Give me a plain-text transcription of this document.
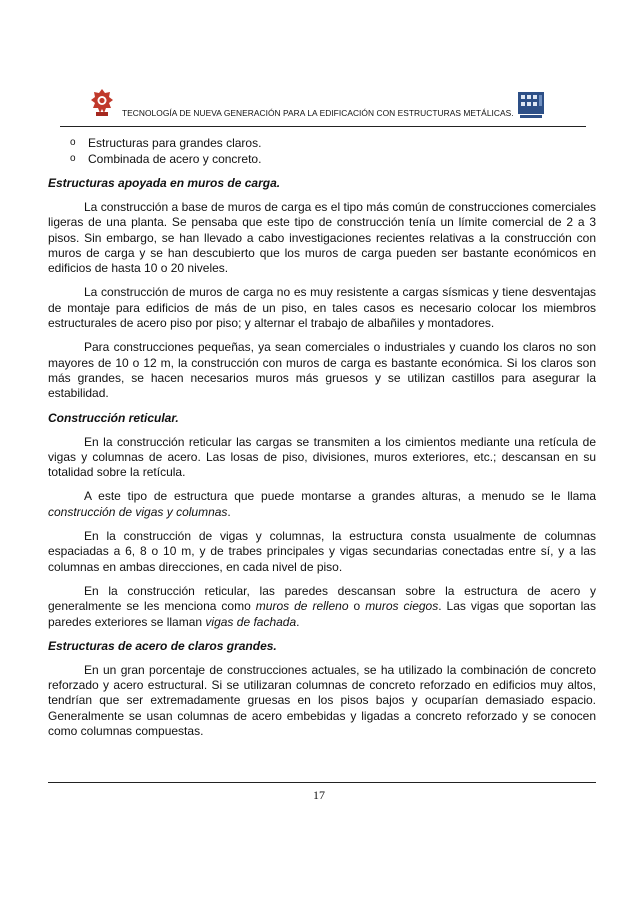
TECNOLOGÍA DE NUEVA GENERACIÓN PARA LA EDIFICACIÓN CON ESTRUCTURAS METÁLICAS.
o Estructuras para grandes claros.
o Combinada de acero y concreto.
Estructuras apoyada en muros de carga.

La construcción a base de muros de carga es el tipo más común de construcciones comerciales ligeras de una planta. Se pensaba que este tipo de construcción tenía un límite comercial de 2 a 3 pisos. Sin embargo, se han llevado a cabo investigaciones recientes relativas a la construcción con muros de carga y se han descubierto que los muros de carga pueden ser bastante económicos en edificios de hasta 10 o 20 niveles.

La construcción de muros de carga no es muy resistente a cargas sísmicas y tiene desventajas de montaje para edificios de más de un piso, en tales casos es necesario colocar los miembros estructurales de acero piso por piso; y alternar el trabajo de albañiles y montadores.

Para construcciones pequeñas, ya sean comerciales o industriales y cuando los claros no son mayores de 10 o 12 m, la construcción con muros de carga es bastante económica. Si los claros son más grandes, se hacen necesarios muros más gruesos y se utilizan castillos para asegurar la estabilidad.

Construcción reticular.

En la construcción reticular las cargas se transmiten a los cimientos mediante una retícula de vigas y columnas de acero. Las losas de piso, divisiones, muros exteriores, etc.; descansan en su totalidad sobre la retícula.

A este tipo de estructura que puede montarse a grandes alturas, a menudo se le llama construcción de vigas y columnas.

En la construcción de vigas y columnas, la estructura consta usualmente de columnas espaciadas a 6, 8 o 10 m, y de trabes principales y vigas secundarias conectadas entre sí, y a las columnas en ambas direcciones, en cada nivel de piso.

En la construcción reticular, las paredes descansan sobre la estructura de acero y generalmente se les menciona como muros de relleno o muros ciegos. Las vigas que soportan las paredes exteriores se llaman vigas de fachada.

Estructuras de acero de claros grandes.

En un gran porcentaje de construcciones actuales, se ha utilizado la combinación de concreto reforzado y acero estructural. Si se utilizaran columnas de concreto reforzado en edificios muy altos, tendrían que ser extremadamente gruesas en los pisos bajos y ocuparían demasiado espacio. Generalmente se usan columnas de acero embebidas y ligadas a concreto reforzado y se conocen como columnas compuestas.

17
